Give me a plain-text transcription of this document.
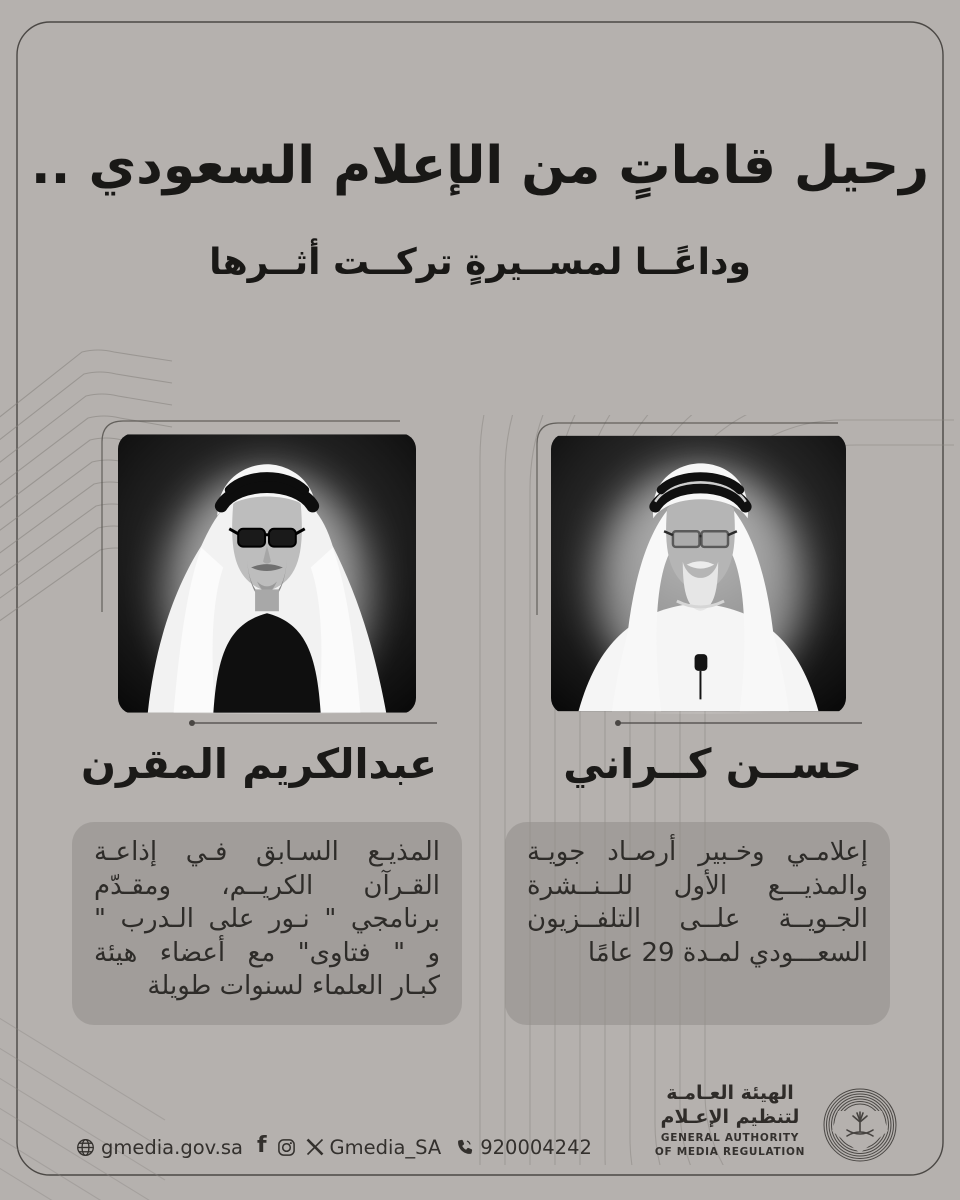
رحيل قاماتٍ من الإعلام السعودي ..
وداعًــا لمســيرةٍ تركــت أثــرها
عبدالكريم المقرن	حســن كــراني
المذيـع السـابق فـي إذاعـة
القـرآن الكريــم، ومقـدّم
برنامجي " نـور على الـدرب "
و " فتاوى" مع أعضاء هيئة
كبـار العلماء لسنوات طويلة
إعلامـي وخـبير أرصـاد جويـة
والمذيـــع الأول للــنــشرة
الجـويــة علــى التلفــزيون
السعـــودي لمـدة 29 عامًا
الهيئة العـامـة
لتنظيم الإعـلام
GENERAL AUTHORITY
OF MEDIA REGULATION
gmedia.gov.sa f	Gmedia_SA 920004242
